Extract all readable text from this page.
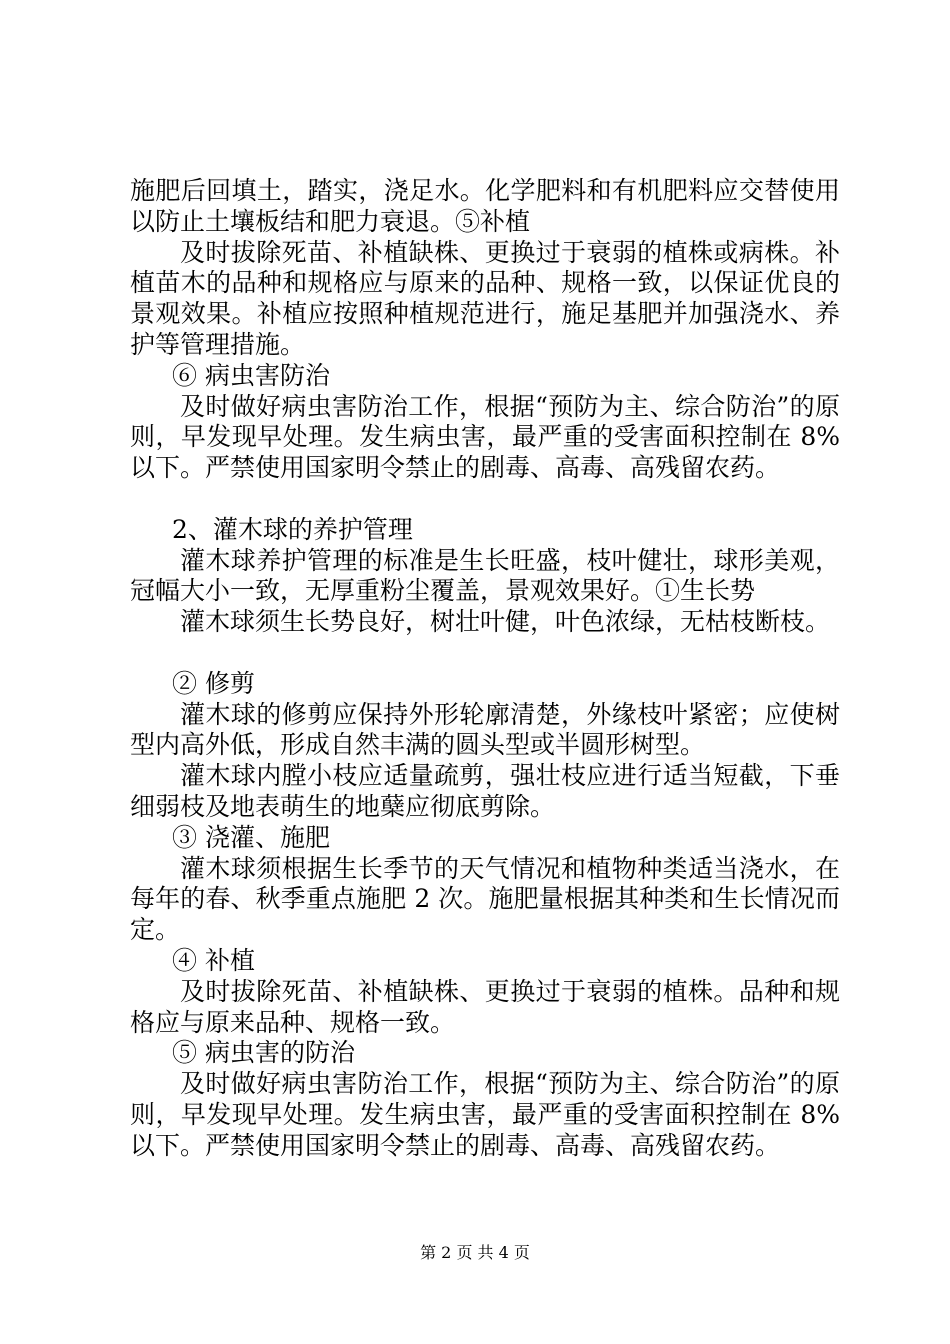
施肥后回填土，踏实，浇足水。化学肥料和有机肥料应交替使用以防止土壤板结和肥力衰退。⑤补植

及时拔除死苗、补植缺株、更换过于衰弱的植株或病株。补植苗木的品种和规格应与原来的品种、规格一致，以保证优良的景观效果。补植应按照种植规范进行，施足基肥并加强浇水、养护等管理措施。

⑥ 病虫害防治

及时做好病虫害防治工作，根据“预防为主、综合防治”的原则，早发现早处理。发生病虫害，最严重的受害面积控制在 8%以下。严禁使用国家明令禁止的剧毒、高毒、高残留农药。

2、灌木球的养护管理

灌木球养护管理的标准是生长旺盛，枝叶健壮，球形美观，冠幅大小一致，无厚重粉尘覆盖，景观效果好。①生长势

灌木球须生长势良好，树壮叶健，叶色浓绿，无枯枝断枝。

② 修剪

灌木球的修剪应保持外形轮廓清楚，外缘枝叶紧密；应使树型内高外低，形成自然丰满的圆头型或半圆形树型。

灌木球内膛小枝应适量疏剪，强壮枝应进行适当短截，下垂细弱枝及地表萌生的地蘖应彻底剪除。

③ 浇灌、施肥

灌木球须根据生长季节的天气情况和植物种类适当浇水，在每年的春、秋季重点施肥 2 次。施肥量根据其种类和生长情况而定。

④ 补植

及时拔除死苗、补植缺株、更换过于衰弱的植株。品种和规格应与原来品种、规格一致。

⑤ 病虫害的防治

及时做好病虫害防治工作，根据“预防为主、综合防治”的原则，早发现早处理。发生病虫害，最严重的受害面积控制在 8%以下。严禁使用国家明令禁止的剧毒、高毒、高残留农药。

第 2 页 共 4 页
